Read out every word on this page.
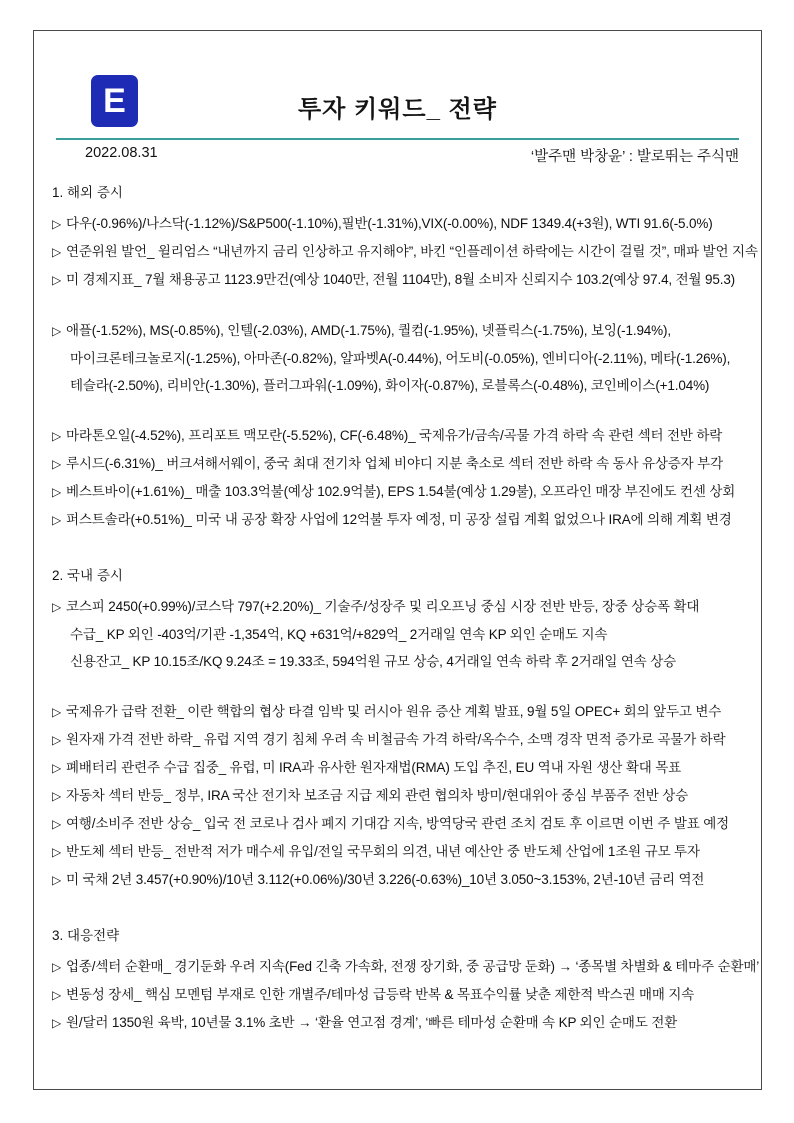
E	투자 키워드_ 전략
2022.08.31	‘발주맨 박창윤’ : 발로뛰는 주식맨
1. 해외 증시
▷ 다우(-0.96%)/나스닥(-1.12%)/S&P500(-1.10%),필반(-1.31%),VIX(-0.00%), NDF 1349.4(+3원), WTI 91.6(-5.0%)
▷ 연준위원 발언_ 윌리엄스 “내년까지 금리 인상하고 유지해야”, 바킨 “인플레이션 하락에는 시간이 걸릴 것”, 매파 발언 지속
▷ 미 경제지표_ 7월 채용공고 1123.9만건(예상 1040만, 전월 1104만), 8월 소비자 신뢰지수 103.2(예상 97.4, 전월 95.3)
▷ 애플(-1.52%), MS(-0.85%), 인텔(-2.03%), AMD(-1.75%), 퀄컴(-1.95%), 넷플릭스(-1.75%), 보잉(-1.94%),
마이크론테크놀로지(-1.25%), 아마존(-0.82%), 알파벳A(-0.44%), 어도비(-0.05%), 엔비디아(-2.11%), 메타(-1.26%),
테슬라(-2.50%), 리비안(-1.30%), 플러그파워(-1.09%), 화이자(-0.87%), 로블록스(-0.48%), 코인베이스(+1.04%)
▷ 마라톤오일(-4.52%), 프리포트 맥모란(-5.52%), CF(-6.48%)_ 국제유가/금속/곡물 가격 하락 속 관련 섹터 전반 하락
▷ 루시드(-6.31%)_ 버크셔해서웨이, 중국 최대 전기차 업체 비야디 지분 축소로 섹터 전반 하락 속 동사 유상증자 부각
▷ 베스트바이(+1.61%)_ 매출 103.3억불(예상 102.9억불), EPS 1.54불(예상 1.29불), 오프라인 매장 부진에도 컨센 상회
▷ 퍼스트솔라(+0.51%)_ 미국 내 공장 확장 사업에 12억불 투자 예정, 미 공장 설립 계획 없었으나 IRA에 의해 계획 변경
2. 국내 증시
▷ 코스피 2450(+0.99%)/코스닥 797(+2.20%)_ 기술주/성장주 및 리오프닝 중심 시장 전반 반등, 장중 상승폭 확대
수급_ KP 외인 -403억/기관 -1,354억, KQ +631억/+829억_ 2거래일 연속 KP 외인 순매도 지속
신용잔고_ KP 10.15조/KQ 9.24조 = 19.33조, 594억원 규모 상승, 4거래일 연속 하락 후 2거래일 연속 상승
▷ 국제유가 급락 전환_ 이란 핵합의 협상 타결 임박 및 러시아 원유 증산 계획 발표, 9월 5일 OPEC+ 회의 앞두고 변수
▷ 원자재 가격 전반 하락_ 유럽 지역 경기 침체 우려 속 비철금속 가격 하락/옥수수, 소맥 경작 면적 증가로 곡물가 하락
▷ 폐배터리 관련주 수급 집중_ 유럽, 미 IRA과 유사한 원자재법(RMA) 도입 추진, EU 역내 자원 생산 확대 목표
▷ 자동차 섹터 반등_ 정부, IRA 국산 전기차 보조금 지급 제외 관련 협의차 방미/현대위아 중심 부품주 전반 상승
▷ 여행/소비주 전반 상승_ 입국 전 코로나 검사 폐지 기대감 지속, 방역당국 관련 조치 검토 후 이르면 이번 주 발표 예정
▷ 반도체 섹터 반등_ 전반적 저가 매수세 유입/전일 국무회의 의견, 내년 예산안 중 반도체 산업에 1조원 규모 투자
▷ 미 국채 2년 3.457(+0.90%)/10년 3.112(+0.06%)/30년 3.226(-0.63%)_10년 3.050~3.153%, 2년-10년 금리 역전
3. 대응전략
▷ 업종/섹터 순환매_ 경기둔화 우려 지속(Fed 긴축 가속화, 전쟁 장기화, 중 공급망 둔화) → ‘종목별 차별화 & 테마주 순환매’
▷ 변동성 장세_ 핵심 모멘텀 부재로 인한 개별주/테마성 급등락 반복 & 목표수익률 낮춘 제한적 박스권 매매 지속
▷ 원/달러 1350원 육박, 10년물 3.1% 초반 → ‘환율 연고점 경계’, ‘빠른 테마성 순환매 속 KP 외인 순매도 전환
